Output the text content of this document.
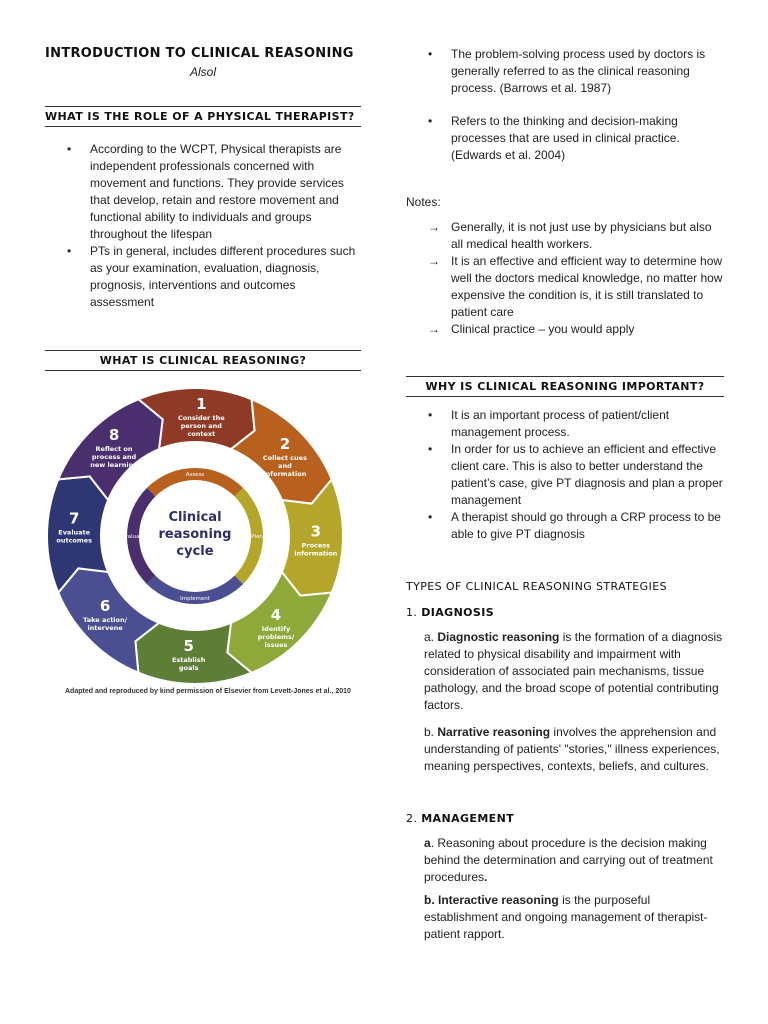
INTRODUCTION TO CLINICAL REASONING
Alsol
WHAT IS THE ROLE OF A PHYSICAL THERAPIST?
• According to the WCPT, Physical therapists are independent professionals concerned with movement and functions. They provide services that develop, retain and restore movement and functional ability to individuals and groups throughout the lifespan
• PTs in general, includes different procedures such as your examination, evaluation, diagnosis, prognosis, interventions and outcomes assessment
WHAT IS CLINICAL REASONING?
Clinical
reasoning
cycle
1
Consider the
person and
context
2
Collect cues
and
information
3
Process
information
4
Identify
problems/
issues
5
Establish
goals
6
Take action/
intervene
7
Evaluate
outcomes
8
Reflect on
process and
new learning
Assess
Plan
Implement
Evaluate
Adapted and reproduced by kind permission of Elsevier from Levett-Jones et al., 2010
• The problem-solving process used by doctors is generally referred to as the clinical reasoning process. (Barrows et al. 1987)
• Refers to the thinking and decision-making processes that are used in clinical practice. (Edwards et al. 2004)
Notes:
→ Generally, it is not just use by physicians but also all medical health workers.
→ It is an effective and efficient way to determine how well the doctors medical knowledge, no matter how expensive the condition is, it is still translated to patient care
→ Clinical practice – you would apply
WHY IS CLINICAL REASONING IMPORTANT?
• It is an important process of patient/client management process.
• In order for us to achieve an efficient and effective client care. This is also to better understand the patient’s case, give PT diagnosis and plan a proper management
• A therapist should go through a CRP process to be able to give PT diagnosis
TYPES OF CLINICAL REASONING STRATEGIES
1. DIAGNOSIS
a. Diagnostic reasoning is the formation of a diagnosis related to physical disability and impairment with consideration of associated pain mechanisms, tissue pathology, and the broad scope of potential contributing factors.
b. Narrative reasoning involves the apprehension and understanding of patients' "stories," illness experiences, meaning perspectives, contexts, beliefs, and cultures.
2. MANAGEMENT
a. Reasoning about procedure is the decision making behind the determination and carrying out of treatment procedures.
b. Interactive reasoning is the purposeful establishment and ongoing management of therapist-patient rapport.
